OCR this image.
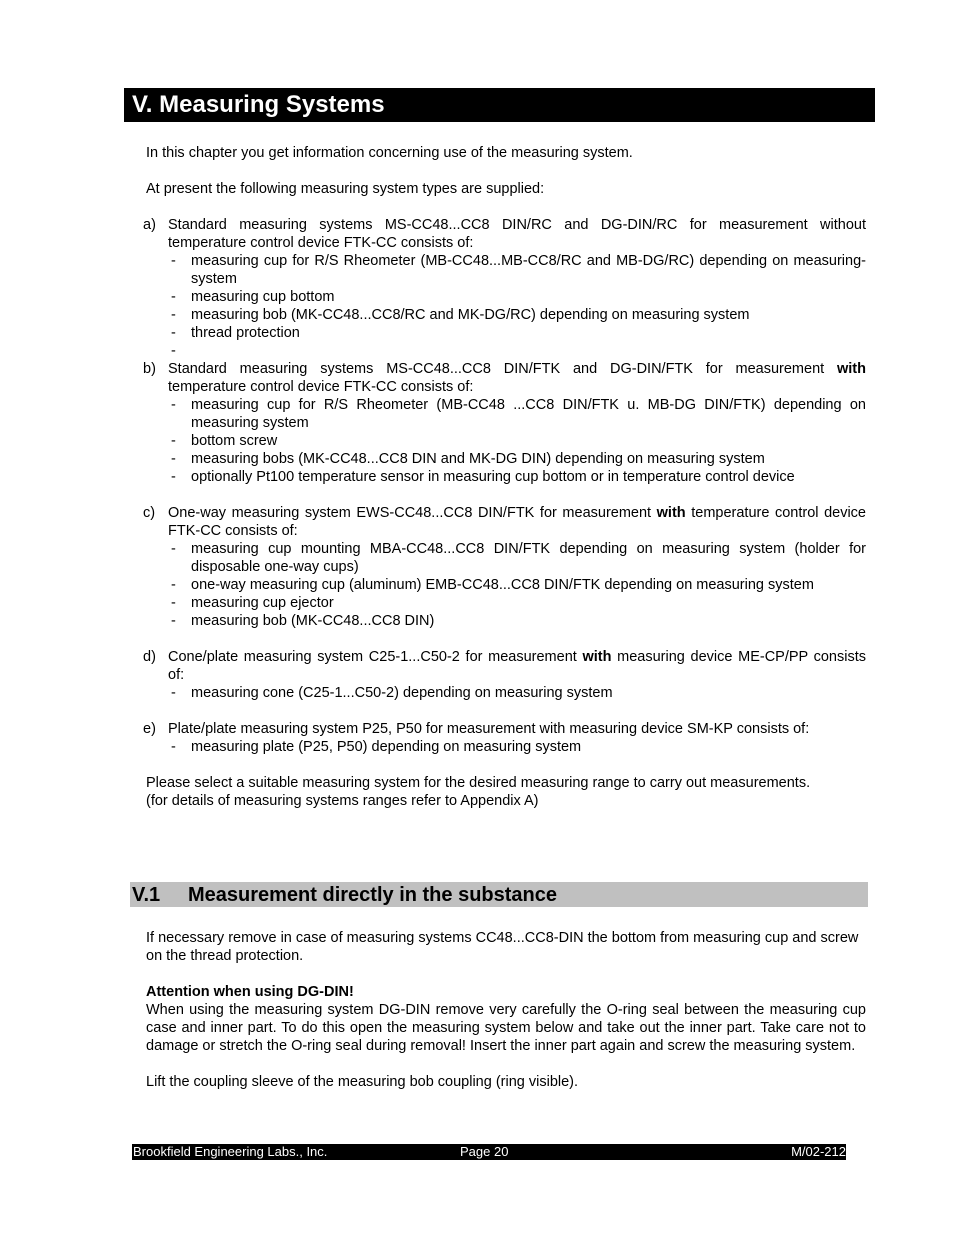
V. Measuring Systems

In this chapter you get information concerning use of the measuring system.

At present the following measuring system types are supplied:

a) Standard measuring systems MS-CC48...CC8 DIN/RC and DG-DIN/RC for measurement without temperature control device FTK-CC consists of:
-	measuring cup for R/S Rheometer (MB-CC48...MB-CC8/RC and MB-DG/RC) depending on measuring-system
-	measuring cup bottom
-	measuring bob (MK-CC48...CC8/RC and MK-DG/RC) depending on measuring system
-	thread protection
-
b) Standard measuring systems MS-CC48...CC8 DIN/FTK and DG-DIN/FTK for measurement with temperature control device FTK-CC consists of:
-	measuring cup for R/S Rheometer (MB-CC48 ...CC8 DIN/FTK u. MB-DG DIN/FTK) depending on measuring system
-	bottom screw
-	measuring bobs (MK-CC48...CC8 DIN and MK-DG DIN) depending on measuring system
-	optionally Pt100 temperature sensor in measuring cup bottom or in temperature control device
c) One-way measuring system EWS-CC48...CC8 DIN/FTK for measurement with temperature control device FTK-CC consists of:
-	measuring cup mounting MBA-CC48...CC8 DIN/FTK depending on measuring system (holder for disposable one-way cups)
-	one-way measuring cup (aluminum) EMB-CC48...CC8 DIN/FTK depending on measuring system
-	measuring cup ejector
-	measuring bob (MK-CC48...CC8 DIN)
d) Cone/plate measuring system C25-1...C50-2 for measurement with measuring device ME-CP/PP consists of:
-	measuring cone (C25-1...C50-2) depending on measuring system
e) Plate/plate measuring system P25, P50 for measurement with measuring device SM-KP consists of:
-	measuring plate (P25, P50) depending on measuring system

Please select a suitable measuring system for the desired measuring range to carry out measurements.

(for details of measuring systems ranges refer to Appendix A)

V.1 Measurement directly in the substance

If necessary remove in case of measuring systems CC48...CC8-DIN the bottom from measuring cup and screw on the thread protection.

Attention when using DG-DIN!

When using the measuring system DG-DIN remove very carefully the O-ring seal between the measuring cup case and inner part. To do this open the measuring system below and take out the inner part. Take care not to damage or stretch the O-ring seal during removal! Insert the inner part again and screw the measuring system.

Lift the coupling sleeve of the measuring bob coupling (ring visible).

Brookfield Engineering Labs., Inc.	Page 20	M/02-212
